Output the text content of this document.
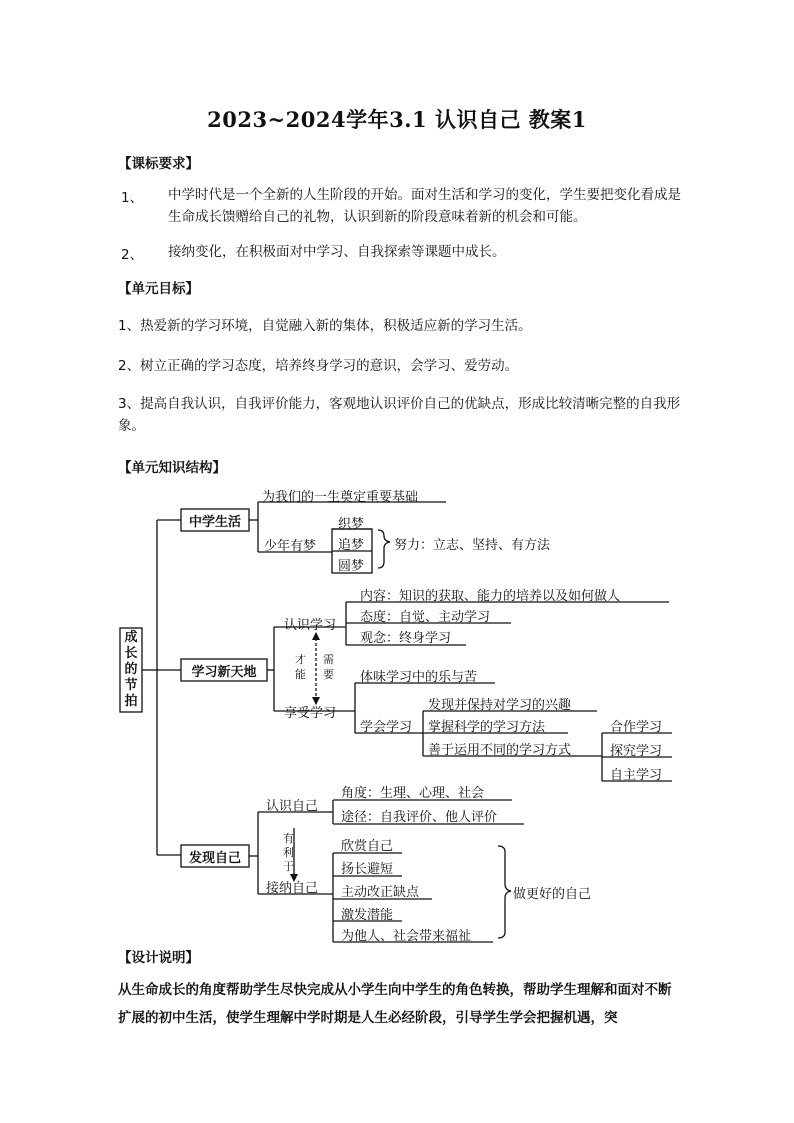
2023~2024学年3.1 认识自己 教案1
【课标要求】
1、 中学时代是一个全新的人生阶段的开始。面对生活和学习的变化，学生要把变化看成是生命成长馈赠给自己的礼物，认识到新的阶段意味着新的机会和可能。
2、 接纳变化，在积极面对中学习、自我探索等课题中成长。
【单元目标】
1、热爱新的学习环境，自觉融入新的集体，积极适应新的学习生活。
2、树立正确的学习态度，培养终身学习的意识，会学习、爱劳动。
3、提高自我认识，自我评价能力，客观地认识评价自己的优缺点，形成比较清晰完整的自我形象。
【单元知识结构】
成长的节拍
中学生活
为我们的一生奠定重要基础
少年有梦
织梦
追梦
圆梦
努力：立志、坚持、有方法
学习新天地
认识学习
内容：知识的获取、能力的培养以及如何做人
态度：自觉、主动学习
观念：终身学习
才能
需要
享受学习
体味学习中的乐与苦
学会学习
发现并保持对学习的兴趣
掌握科学的学习方法
善于运用不同的学习方式
合作学习
探究学习
自主学习
发现自己
认识自己
角度：生理、心理、社会
途径：自我评价、他人评价
有利于
接纳自己
欣赏自己
扬长避短
主动改正缺点
激发潜能
为他人、社会带来福祉
做更好的自己
【设计说明】
从生命成长的角度帮助学生尽快完成从小学生向中学生的角色转换，帮助学生理解和面对不断扩展的初中生活，使学生理解中学时期是人生必经阶段，引导学生学会把握机遇，突
